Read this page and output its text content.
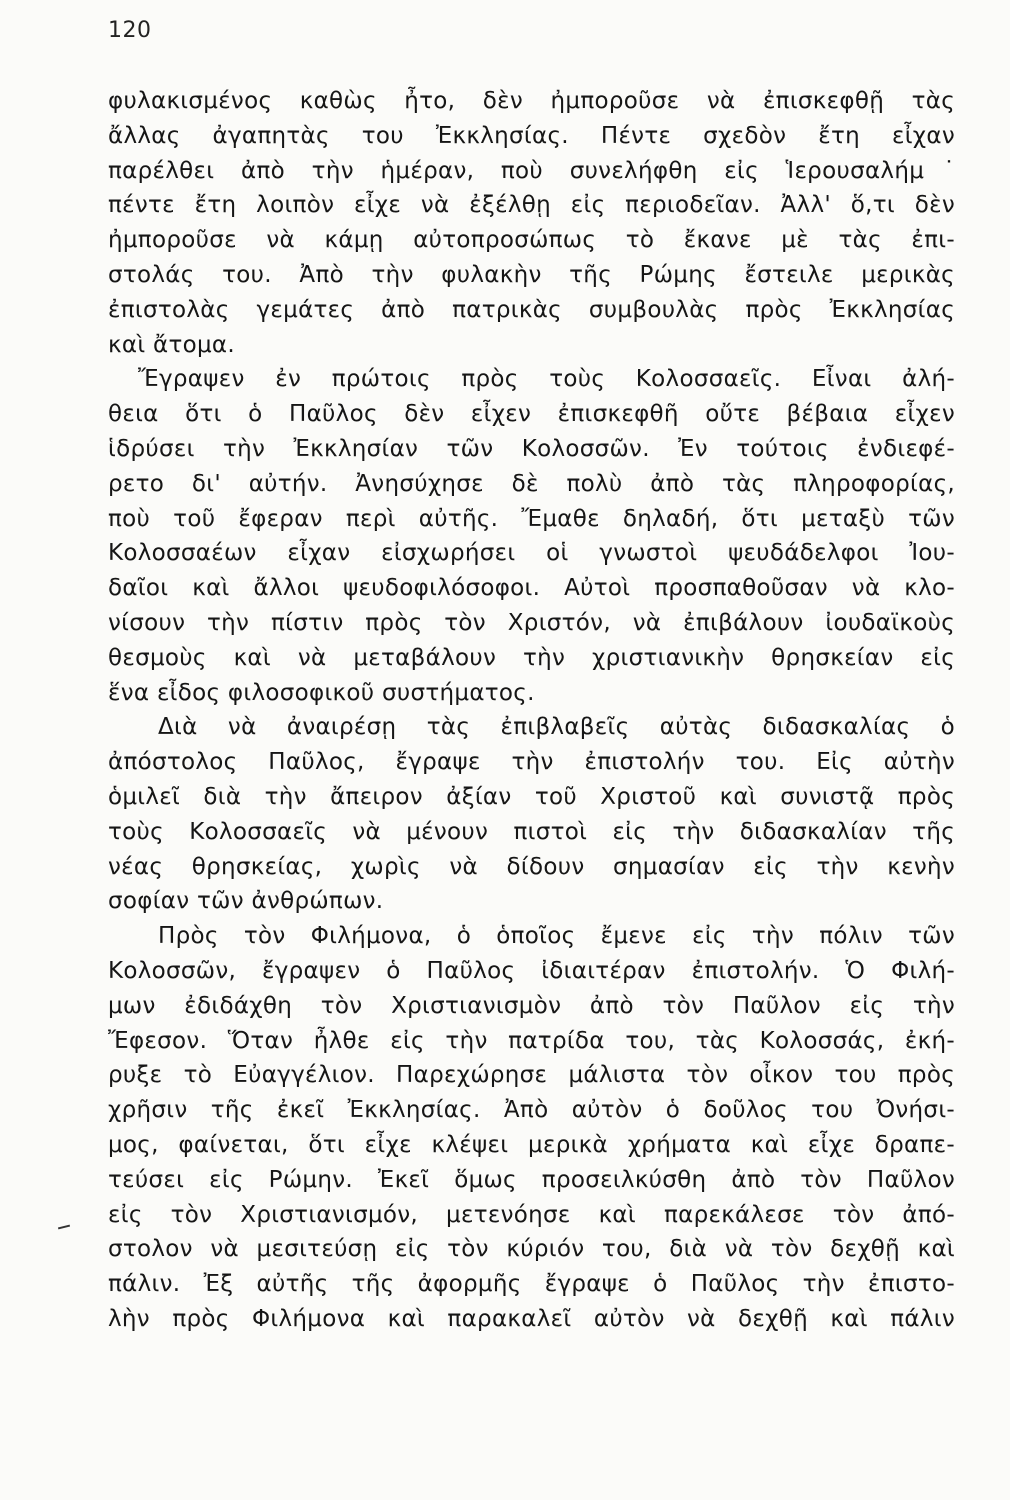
120
φυλακισμένος καθὼς ἦτο, δὲν ἠμποροῦσε νὰ ἐπισκεφθῇ τὰς
ἄλλας ἀγαπητὰς του Ἐκκλησίας. Πέντε σχεδὸν ἔτη εἶχαν
παρέλθει ἀπὸ τὴν ἡμέραν, ποὺ συνελήφθη εἰς Ἱερουσαλήμ˙
πέντε ἔτη λοιπὸν εἶχε νὰ ἐξέλθῃ εἰς περιοδεῖαν. Ἀλλ' ὅ,τι δὲν
ἠμποροῦσε νὰ κάμῃ αὐτοπροσώπως τὸ ἔκανε μὲ τὰς ἐπι-
στολάς του. Ἀπὸ τὴν φυλακὴν τῆς Ρώμης ἔστειλε μερικὰς
ἐπιστολὰς γεμάτες ἀπὸ πατρικὰς συμβουλὰς πρὸς Ἐκκλησίας
καὶ ἄτομα.
Ἔγραψεν ἐν πρώτοις πρὸς τοὺς Κολοσσαεῖς. Εἶναι ἀλή-
θεια ὅτι ὁ Παῦλος δὲν εἶχεν ἐπισκεφθῆ οὔτε βέβαια εἶχεν
ἱδρύσει τὴν Ἐκκλησίαν τῶν Κολοσσῶν. Ἐν τούτοις ἐνδιεφέ-
ρετο δι' αὐτήν. Ἀνησύχησε δὲ πολὺ ἀπὸ τὰς πληροφορίας,
ποὺ τοῦ ἔφεραν περὶ αὐτῆς. Ἔμαθε δηλαδή, ὅτι μεταξὺ τῶν
Κολοσσαέων εἶχαν εἰσχωρήσει οἱ γνωστοὶ ψευδάδελφοι Ἰου-
δαῖοι καὶ ἄλλοι ψευδοφιλόσοφοι. Αὐτοὶ προσπαθοῦσαν νὰ κλο-
νίσουν τὴν πίστιν πρὸς τὸν Χριστόν, νὰ ἐπιβάλουν ἰουδαϊκοὺς
θεσμοὺς καὶ νὰ μεταβάλουν τὴν χριστιανικὴν θρησκείαν εἰς
ἕνα εἶδος φιλοσοφικοῦ συστήματος.
Διὰ νὰ ἀναιρέσῃ τὰς ἐπιβλαβεῖς αὐτὰς διδασκαλίας ὁ
ἀπόστολος Παῦλος, ἔγραψε τὴν ἐπιστολήν του. Εἰς αὐτὴν
ὁμιλεῖ διὰ τὴν ἄπειρον ἀξίαν τοῦ Χριστοῦ καὶ συνιστᾷ πρὸς
τοὺς Κολοσσαεῖς νὰ μένουν πιστοὶ εἰς τὴν διδασκαλίαν τῆς
νέας θρησκείας, χωρὶς νὰ δίδουν σημασίαν εἰς τὴν κενὴν
σοφίαν τῶν ἀνθρώπων.
Πρὸς τὸν Φιλήμονα, ὁ ὁποῖος ἔμενε εἰς τὴν πόλιν τῶν
Κολοσσῶν, ἔγραψεν ὁ Παῦλος ἰδιαιτέραν ἐπιστολήν. Ὁ Φιλή-
μων ἐδιδάχθη τὸν Χριστιανισμὸν ἀπὸ τὸν Παῦλον εἰς τὴν
Ἔφεσον. Ὅταν ἦλθε εἰς τὴν πατρίδα του, τὰς Κολοσσάς, ἐκή-
ρυξε τὸ Εὐαγγέλιον. Παρεχώρησε μάλιστα τὸν οἶκον του πρὸς
χρῆσιν τῆς ἐκεῖ Ἐκκλησίας. Ἀπὸ αὐτὸν ὁ δοῦλος του Ὀνήσι-
μος, φαίνεται, ὅτι εἶχε κλέψει μερικὰ χρήματα καὶ εἶχε δραπε-
τεύσει εἰς Ρώμην. Ἐκεῖ ὅμως προσειλκύσθη ἀπὸ τὸν Παῦλον
εἰς τὸν Χριστιανισμόν, μετενόησε καὶ παρεκάλεσε τὸν ἀπό-
στολον νὰ μεσιτεύσῃ εἰς τὸν κύριόν του, διὰ νὰ τὸν δεχθῇ καὶ
πάλιν. Ἐξ αὐτῆς τῆς ἀφορμῆς ἔγραψε ὁ Παῦλος τὴν ἐπιστο-
λὴν πρὸς Φιλήμονα καὶ παρακαλεῖ αὐτὸν νὰ δεχθῇ καὶ πάλιν
